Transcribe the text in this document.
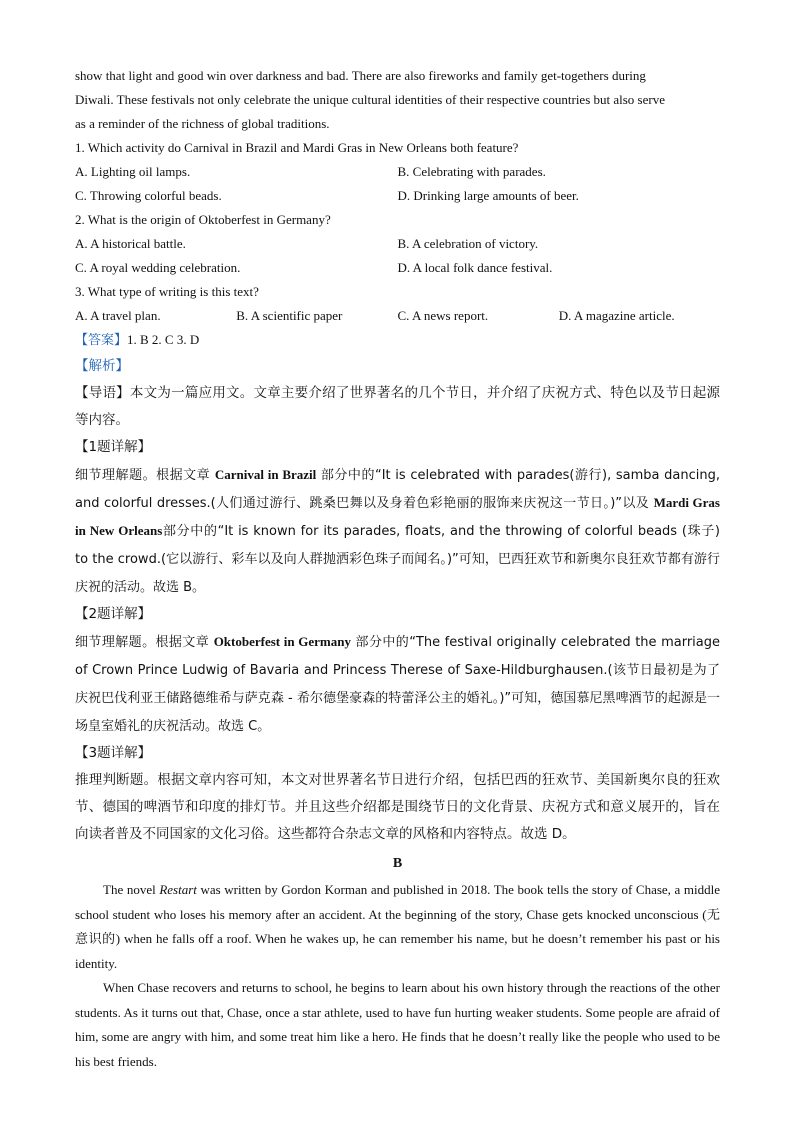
show that light and good win over darkness and bad. There are also fireworks and family get-togethers during
Diwali. These festivals not only celebrate the unique cultural identities of their respective countries but also serve
as a reminder of the richness of global traditions.
1. Which activity do Carnival in Brazil and Mardi Gras in New Orleans both feature?
A. Lighting oil lamps.	B. Celebrating with parades.
C. Throwing colorful beads.	D. Drinking large amounts of beer.
2. What is the origin of Oktoberfest in Germany?
A. A historical battle.	B. A celebration of victory.
C. A royal wedding celebration.	D. A local folk dance festival.
3. What type of writing is this text?
A. A travel plan.	B. A scientific paper	C. A news report.	D. A magazine article.
【答案】1. B 2. C 3. D
【解析】
【导语】本文为一篇应用文。文章主要介绍了世界著名的几个节日，并介绍了庆祝方式、特色以及节日起源等内容。
【1题详解】
细节理解题。根据文章 Carnival in Brazil 部分中的“It is celebrated with parades(游行), samba dancing, and colorful dresses.(人们通过游行、跳桑巴舞以及身着色彩艳丽的服饰来庆祝这一节日。)”以及 Mardi Gras in New Orleans部分中的“It is known for its parades, floats, and the throwing of colorful beads (珠子) to the crowd.(它以游行、彩车以及向人群抛洒彩色珠子而闻名。)”可知，巴西狂欢节和新奥尔良狂欢节都有游行庆祝的活动。故选 B。
【2题详解】
细节理解题。根据文章 Oktoberfest in Germany 部分中的“The festival originally celebrated the marriage of Crown Prince Ludwig of Bavaria and Princess Therese of Saxe-Hildburghausen.(该节日最初是为了庆祝巴伐利亚王储路德维希与萨克森 - 希尔德堡豪森的特蕾泽公主的婚礼。)”可知，德国慕尼黑啤酒节的起源是一场皇室婚礼的庆祝活动。故选 C。
【3题详解】
推理判断题。根据文章内容可知，本文对世界著名节日进行介绍，包括巴西的狂欢节、美国新奥尔良的狂欢节、德国的啤酒节和印度的排灯节。并且这些介绍都是围绕节日的文化背景、庆祝方式和意义展开的，旨在向读者普及不同国家的文化习俗。这些都符合杂志文章的风格和内容特点。故选 D。
B
The novel Restart was written by Gordon Korman and published in 2018. The book tells the story of Chase, a middle school student who loses his memory after an accident. At the beginning of the story, Chase gets knocked unconscious (无意识的) when he falls off a roof. When he wakes up, he can remember his name, but he doesn’t remember his past or his identity.
When Chase recovers and returns to school, he begins to learn about his own history through the reactions of the other students. As it turns out that, Chase, once a star athlete, used to have fun hurting weaker students. Some people are afraid of him, some are angry with him, and some treat him like a hero. He finds that he doesn’t really like the people who used to be his best friends.
